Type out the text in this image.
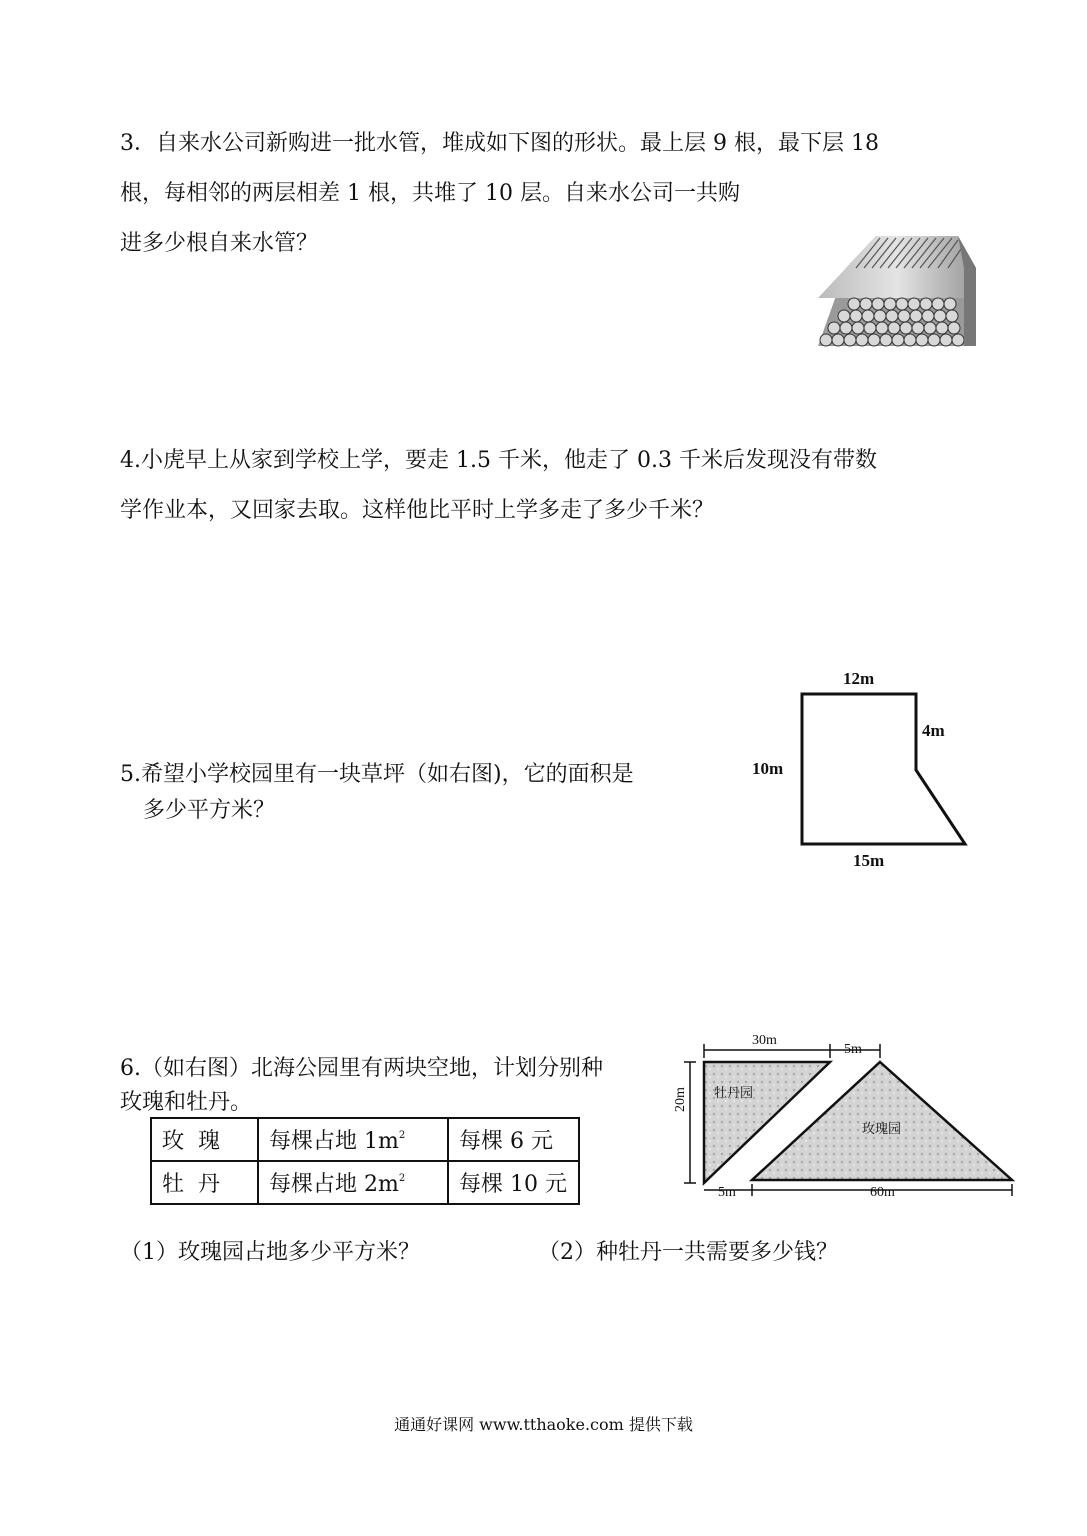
3．自来水公司新购进一批水管，堆成如下图的形状。最上层 9 根，最下层 18
根，每相邻的两层相差 1 根，共堆了 10 层。自来水公司一共购
进多少根自来水管？
4.小虎早上从家到学校上学，要走 1.5 千米，他走了 0.3 千米后发现没有带数
学作业本，又回家去取。这样他比平时上学多走了多少千米？
5.希望小学校园里有一块草坪（如右图)，它的面积是
多少平方米？
12m
4m
10m
15m
6.（如右图）北海公园里有两块空地，计划分别种
玫瑰和牡丹。
玫瑰	每棵占地 $1m^2$	每棵 6 元
牡丹	每棵占地 $2m^2$	每棵 10 元
30m
5m
20m
5m	60m
牡丹园
玫瑰园
（1）玫瑰园占地多少平方米？	（2）种牡丹一共需要多少钱？
通通好课网 www.tthaoke.com 提供下载
